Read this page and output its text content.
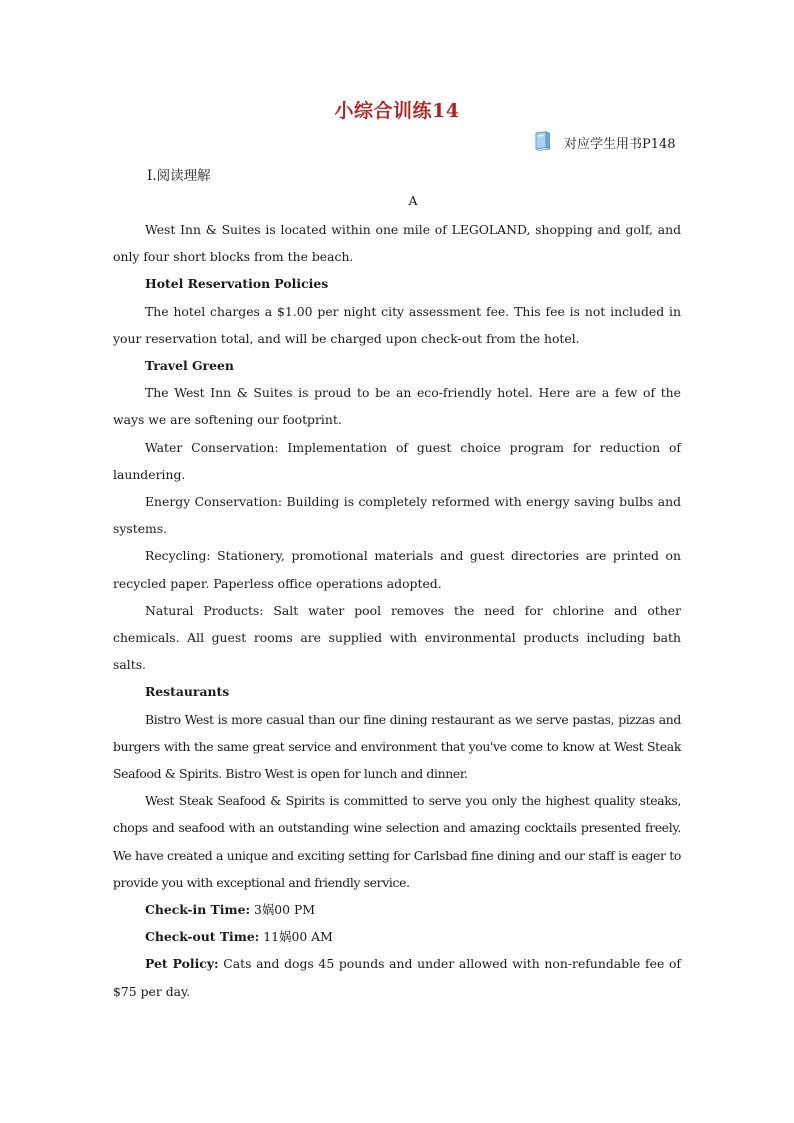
小综合训练14
对应学生用书P148
Ⅰ.阅读理解
A

West Inn & Suites is located within one mile of LEGOLAND, shopping and golf, and only four short blocks from the beach.

Hotel Reservation Policies

The hotel charges a $1.00 per night city assessment fee. This fee is not included in your reservation total, and will be charged upon check-out from the hotel.

Travel Green

The West Inn & Suites is proud to be an eco-friendly hotel. Here are a few of the ways we are softening our footprint.

Water Conservation: Implementation of guest choice program for reduction of laundering.

Energy Conservation: Building is completely reformed with energy saving bulbs and systems.

Recycling: Stationery, promotional materials and guest directories are printed on recycled paper. Paperless office operations adopted.

Natural Products: Salt water pool removes the need for chlorine and other chemicals. All guest rooms are supplied with environmental products including bath salts.

Restaurants

Bistro West is more casual than our fine dining restaurant as we serve pastas, pizzas and burgers with the same great service and environment that you've come to know at West Steak Seafood & Spirits. Bistro West is open for lunch and dinner.

West Steak Seafood & Spirits is committed to serve you only the highest quality steaks, chops and seafood with an outstanding wine selection and amazing cocktails presented freely. We have created a unique and exciting setting for Carlsbad fine dining and our staff is eager to provide you with exceptional and friendly service.

Check-in Time: 3娲00 PM

Check-out Time: 11娲00 AM

Pet Policy: Cats and dogs 45 pounds and under allowed with non-refundable fee of $75 per day.
